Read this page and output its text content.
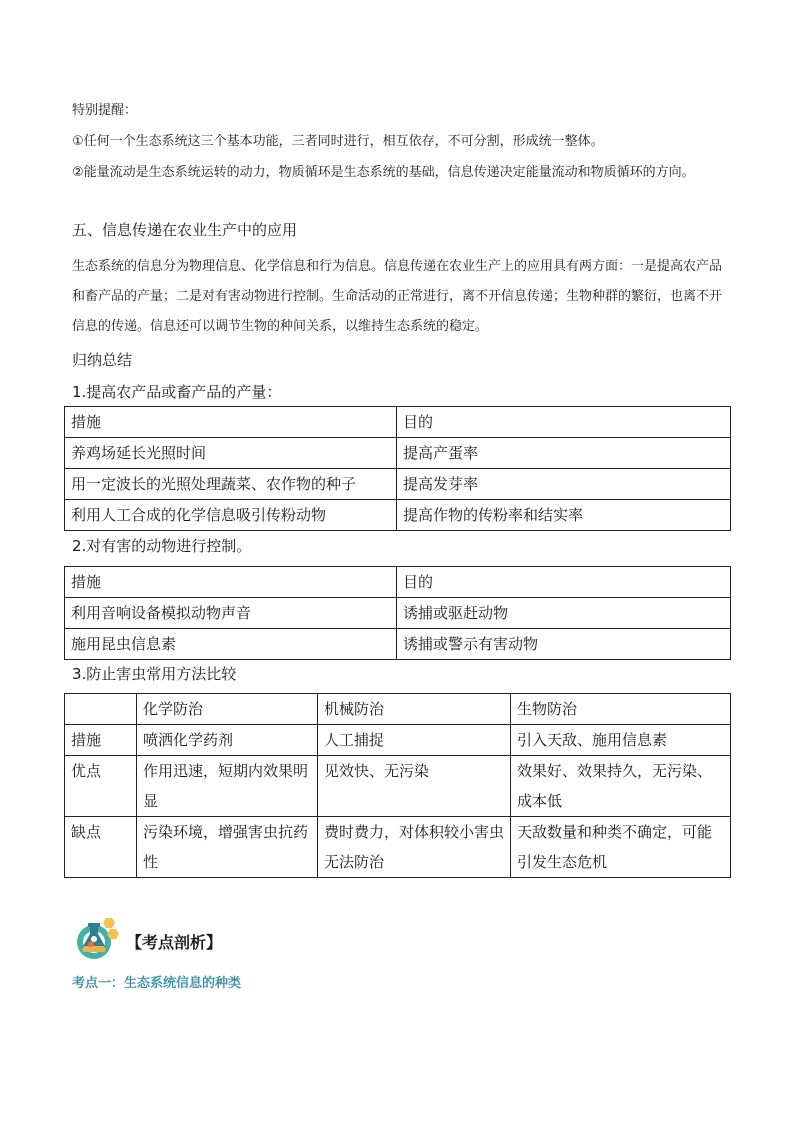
特别提醒：

①任何一个生态系统这三个基本功能，三者同时进行，相互依存，不可分割，形成统一整体。

②能量流动是生态系统运转的动力，物质循环是生态系统的基础，信息传递决定能量流动和物质循环的方向。

五、信息传递在农业生产中的应用

生态系统的信息分为物理信息、化学信息和行为信息。信息传递在农业生产上的应用具有两方面：一是提高农产品和畜产品的产量；二是对有害动物进行控制。生命活动的正常进行，离不开信息传递；生物种群的繁衍，也离不开信息的传递。信息还可以调节生物的种间关系，以维持生态系统的稳定。

归纳总结

1.提高农产品或畜产品的产量：

措施	目的
养鸡场延长光照时间	提高产蛋率
用一定波长的光照处理蔬菜、农作物的种子	提高发芽率
利用人工合成的化学信息吸引传粉动物	提高作物的传粉率和结实率

2.对有害的动物进行控制。

措施	目的
利用音响设备模拟动物声音	诱捕或驱赶动物
施用昆虫信息素	诱捕或警示有害动物

3.防止害虫常用方法比较

	化学防治	机械防治	生物防治
措施	喷洒化学药剂	人工捕捉	引入天敌、施用信息素
优点	作用迅速，短期内效果明显	见效快、无污染	效果好、效果持久，无污染、成本低
缺点	污染环境，增强害虫抗药性	费时费力，对体积较小害虫无法防治	天敌数量和种类不确定，可能引发生态危机
【考点剖析】
考点一：生态系统信息的种类
